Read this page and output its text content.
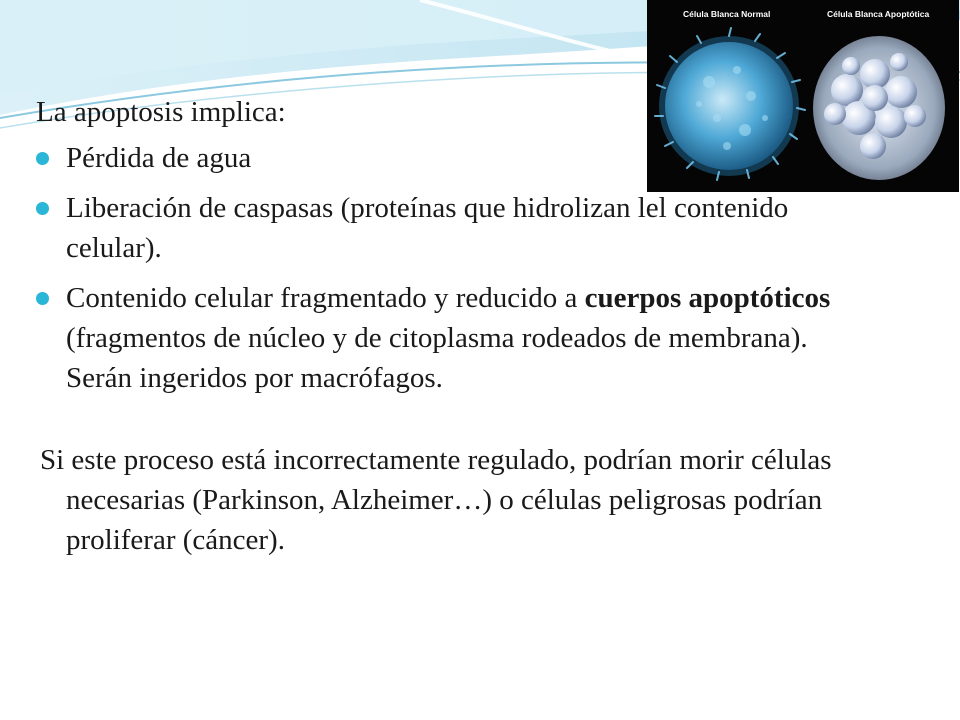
Célula Blanca Normal	Célula Blanca Apoptótica

La apoptosis implica:

Pérdida de agua
Liberación de caspasas (proteínas que hidrolizan lel contenido celular).
Contenido celular fragmentado y reducido a cuerpos apoptóticos (fragmentos de núcleo y de citoplasma rodeados de membrana). Serán ingeridos por macrófagos.

Si este proceso está incorrectamente regulado, podrían morir células necesarias (Parkinson, Alzheimer…) o células peligrosas podrían proliferar (cáncer).
